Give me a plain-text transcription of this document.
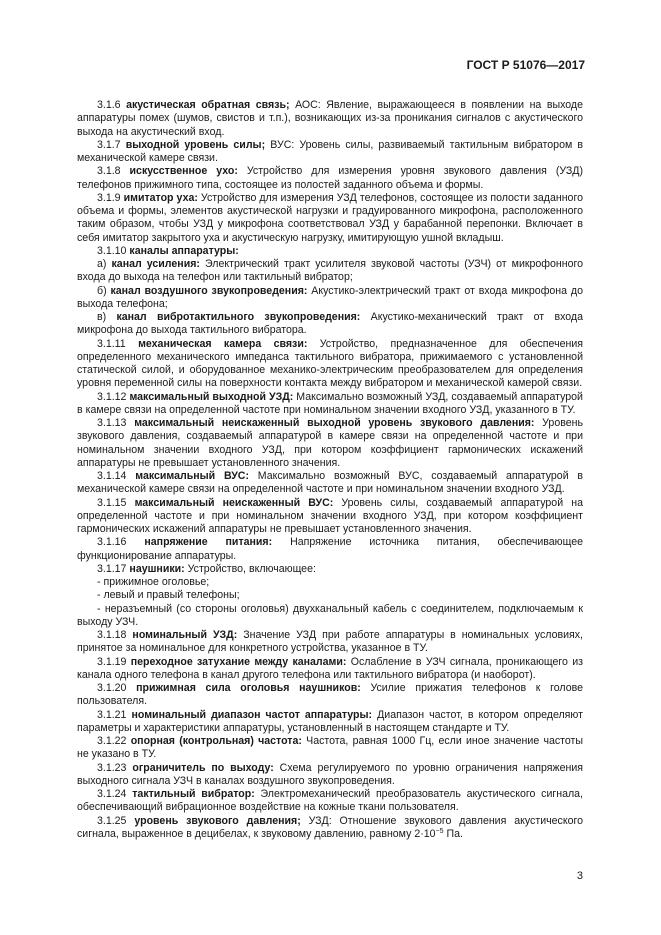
ГОСТ Р 51076—2017

3.1.6 акустическая обратная связь; АОС: Явление, выражающееся в появлении на выходе аппаратуры помех (шумов, свистов и т.п.), возникающих из-за проникания сигналов с акустического выхода на акустический вход.

3.1.7 выходной уровень силы; ВУС: Уровень силы, развиваемый тактильным вибратором в механической камере связи.

3.1.8 искусственное ухо: Устройство для измерения уровня звукового давления (УЗД) телефонов прижимного типа, состоящее из полостей заданного объема и формы.

3.1.9 имитатор уха: Устройство для измерения УЗД телефонов, состоящее из полости заданного объема и формы, элементов акустической нагрузки и градуированного микрофона, расположенного таким образом, чтобы УЗД у микрофона соответствовал УЗД у барабанной перепонки. Включает в себя имитатор закрытого уха и акустическую нагрузку, имитирующую ушной вкладыш.

3.1.10 каналы аппаратуры:

а) канал усиления: Электрический тракт усилителя звуковой частоты (УЗЧ) от микрофонного входа до выхода на телефон или тактильный вибратор;

б) канал воздушного звукопроведения: Акустико-электрический тракт от входа микрофона до выхода телефона;

в) канал вибротактильного звукопроведения: Акустико-механический тракт от входа микрофона до выхода тактильного вибратора.

3.1.11 механическая камера связи: Устройство, предназначенное для обеспечения определенного механического импеданса тактильного вибратора, прижимаемого с установленной статической силой, и оборудованное механико-электрическим преобразователем для определения уровня переменной силы на поверхности контакта между вибратором и механической камерой связи.

3.1.12 максимальный выходной УЗД: Максимально возможный УЗД, создаваемый аппаратурой в камере связи на определенной частоте при номинальном значении входного УЗД, указанного в ТУ.

3.1.13 максимальный неискаженный выходной уровень звукового давления: Уровень звукового давления, создаваемый аппаратурой в камере связи на определенной частоте и при номинальном значении входного УЗД, при котором коэффициент гармонических искажений аппаратуры не превышает установленного значения.

3.1.14 максимальный ВУС: Максимально возможный ВУС, создаваемый аппаратурой в механической камере связи на определенной частоте и при номинальном значении входного УЗД.

3.1.15 максимальный неискаженный ВУС: Уровень силы, создаваемый аппаратурой на определенной частоте и при номинальном значении входного УЗД, при котором коэффициент гармонических искажений аппаратуры не превышает установленного значения.

3.1.16 напряжение питания: Напряжение источника питания, обеспечивающее функционирование аппаратуры.

3.1.17 наушники: Устройство, включающее:

- прижимное оголовье;

- левый и правый телефоны;

- неразъемный (со стороны оголовья) двухканальный кабель с соединителем, подключаемым к выходу УЗЧ.

3.1.18 номинальный УЗД: Значение УЗД при работе аппаратуры в номинальных условиях, принятое за номинальное для конкретного устройства, указанное в ТУ.

3.1.19 переходное затухание между каналами: Ослабление в УЗЧ сигнала, проникающего из канала одного телефона в канал другого телефона или тактильного вибратора (и наоборот).

3.1.20 прижимная сила оголовья наушников: Усилие прижатия телефонов к голове пользователя.

3.1.21 номинальный диапазон частот аппаратуры: Диапазон частот, в котором определяют параметры и характеристики аппаратуры, установленный в настоящем стандарте и ТУ.

3.1.22 опорная (контрольная) частота: Частота, равная 1000 Гц, если иное значение частоты не указано в ТУ.

3.1.23 ограничитель по выходу: Схема регулируемого по уровню ограничения напряжения выходного сигнала УЗЧ в каналах воздушного звукопроведения.

3.1.24 тактильный вибратор: Электромеханический преобразователь акустического сигнала, обеспечивающий вибрационное воздействие на кожные ткани пользователя.

3.1.25 уровень звукового давления; УЗД: Отношение звукового давления акустического сигнала, выраженное в децибелах, к звуковому давлению, равному $2\cdot 10^{-5}$ Па.

3
